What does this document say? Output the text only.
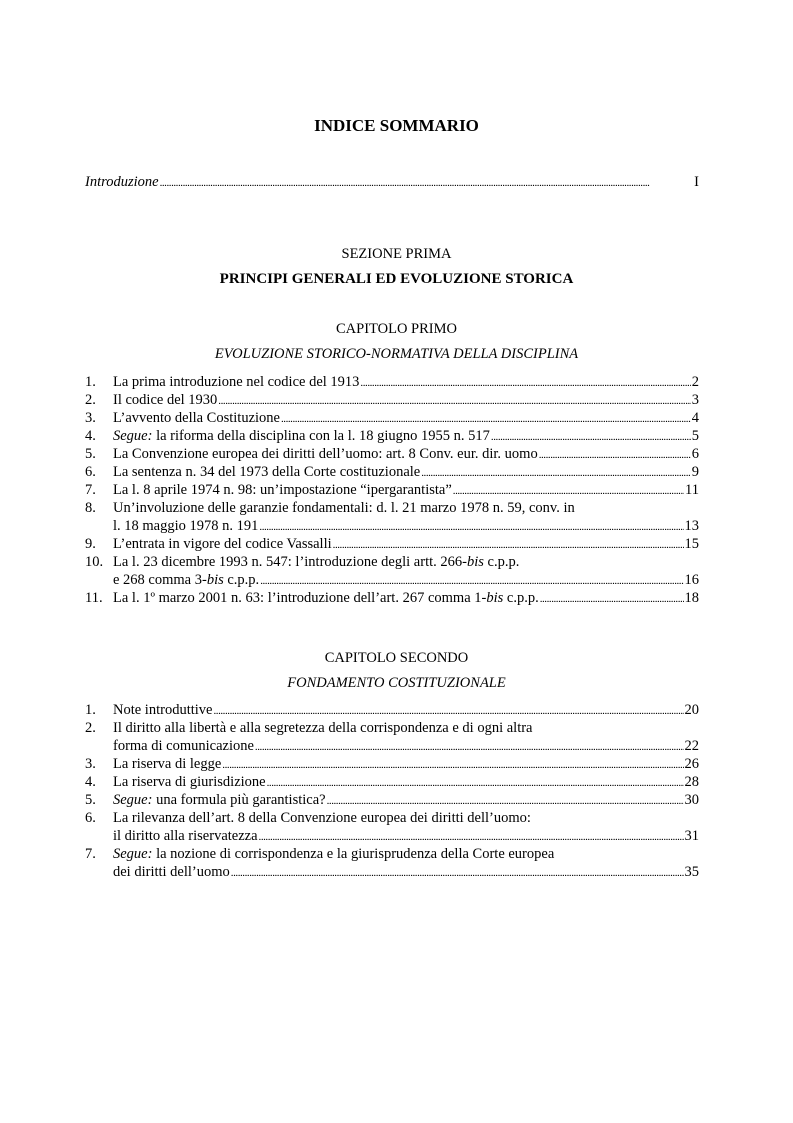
INDICE SOMMARIO
Introduzione . . .	I
SEZIONE PRIMA
PRINCIPI GENERALI ED EVOLUZIONE STORICA
CAPITOLO PRIMO
EVOLUZIONE STORICO-NORMATIVA DELLA DISCIPLINA
1.	La prima introduzione nel codice del 1913 . . .	2
2.	Il codice del 1930 . . .	3
3.	L’avvento della Costituzione . . .	4
4.	Segue: la riforma della disciplina con la l. 18 giugno 1955 n. 517 . . .	5
5.	La Convenzione europea dei diritti dell’uomo: art. 8 Conv. eur. dir. uomo . . .	6
6.	La sentenza n. 34 del 1973 della Corte costituzionale . . .	9
7.	La l. 8 aprile 1974 n. 98: un’impostazione “ipergarantista” . . .	11
8.	Un’involuzione delle garanzie fondamentali: d. l. 21 marzo 1978 n. 59, conv. in
l. 18 maggio 1978 n. 191 . . .	13
9.	L’entrata in vigore del codice Vassalli . . .	15
10. La l. 23 dicembre 1993 n. 547: l’introduzione degli artt. 266-bis c.p.p.
e 268 comma 3-bis c.p.p. . . .	16
11. La l. 1º marzo 2001 n. 63: l’introduzione dell’art. 267 comma 1-bis c.p.p. . . .	18
CAPITOLO SECONDO
FONDAMENTO COSTITUZIONALE
1.	Note introduttive . . .	20
2.	Il diritto alla libertà e alla segretezza della corrispondenza e di ogni altra
forma di comunicazione . . .	22
3.	La riserva di legge . . .	26
4.	La riserva di giurisdizione . . .	28
5.	Segue: una formula più garantistica? . . .	30
6.	La rilevanza dell’art. 8 della Convenzione europea dei diritti dell’uomo:
il diritto alla riservatezza . . .	31
7.	Segue: la nozione di corrispondenza e la giurisprudenza della Corte europea
dei diritti dell’uomo . . .	35
